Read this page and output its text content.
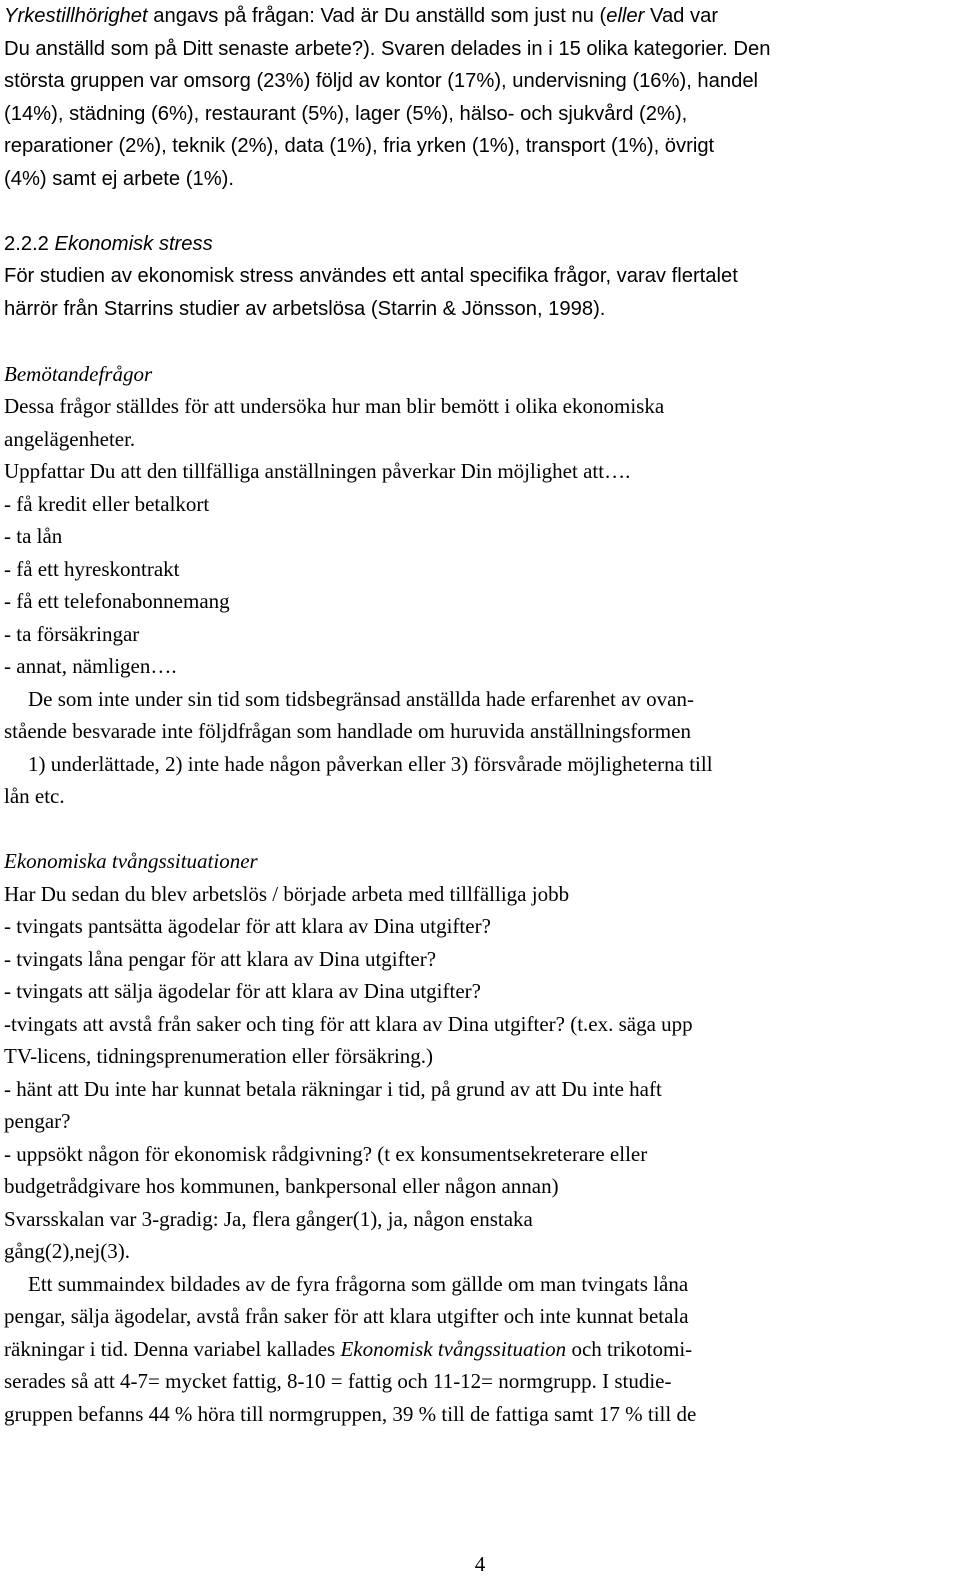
Yrkestillhörighet angavs på frågan: Vad är Du anställd som just nu (eller Vad var
Du anställd som på Ditt senaste arbete?). Svaren delades in i 15 olika kategorier. Den
största gruppen var omsorg (23%) följd av kontor (17%), undervisning (16%), handel
(14%), städning (6%), restaurant (5%), lager (5%), hälso- och sjukvård (2%),
reparationer (2%), teknik (2%), data (1%), fria yrken (1%), transport (1%), övrigt
(4%) samt ej arbete (1%).
2.2.2 Ekonomisk stress
För studien av ekonomisk stress användes ett antal specifika frågor, varav flertalet
härrör från Starrins studier av arbetslösa (Starrin & Jönsson, 1998).
Bemötandefrågor
Dessa frågor ställdes för att undersöka hur man blir bemött i olika ekonomiska
angelägenheter.
Uppfattar Du att den tillfälliga anställningen påverkar Din möjlighet att….
- få kredit eller betalkort
- ta lån
- få ett hyreskontrakt
- få ett telefonabonnemang
- ta försäkringar
- annat, nämligen….
De som inte under sin tid som tidsbegränsad anställda hade erfarenhet av ovan-
stående besvarade inte följdfrågan som handlade om huruvida anställningsformen
1) underlättade, 2) inte hade någon påverkan eller 3) försvårade möjligheterna till
lån etc.
Ekonomiska tvångssituationer
Har Du sedan du blev arbetslös / började arbeta med tillfälliga jobb
- tvingats pantsätta ägodelar för att klara av Dina utgifter?
- tvingats låna pengar för att klara av Dina utgifter?
- tvingats att sälja ägodelar för att klara av Dina utgifter?
-tvingats att avstå från saker och ting för att klara av Dina utgifter? (t.ex. säga upp
TV-licens, tidningsprenumeration eller försäkring.)
- hänt att Du inte har kunnat betala räkningar i tid, på grund av att Du inte haft
pengar?
- uppsökt någon för ekonomisk rådgivning? (t ex konsumentsekreterare eller
budgetrådgivare hos kommunen, bankpersonal eller någon annan)
Svarsskalan var 3-gradig: Ja, flera gånger(1), ja, någon enstaka
gång(2),nej(3).
Ett summaindex bildades av de fyra frågorna som gällde om man tvingats låna
pengar, sälja ägodelar, avstå från saker för att klara utgifter och inte kunnat betala
räkningar i tid. Denna variabel kallades Ekonomisk tvångssituation och trikotomi-
serades så att 4-7= mycket fattig, 8-10 = fattig och 11-12= normgrupp. I studie-
gruppen befanns 44 % höra till normgruppen, 39 % till de fattiga samt 17 % till de
4
